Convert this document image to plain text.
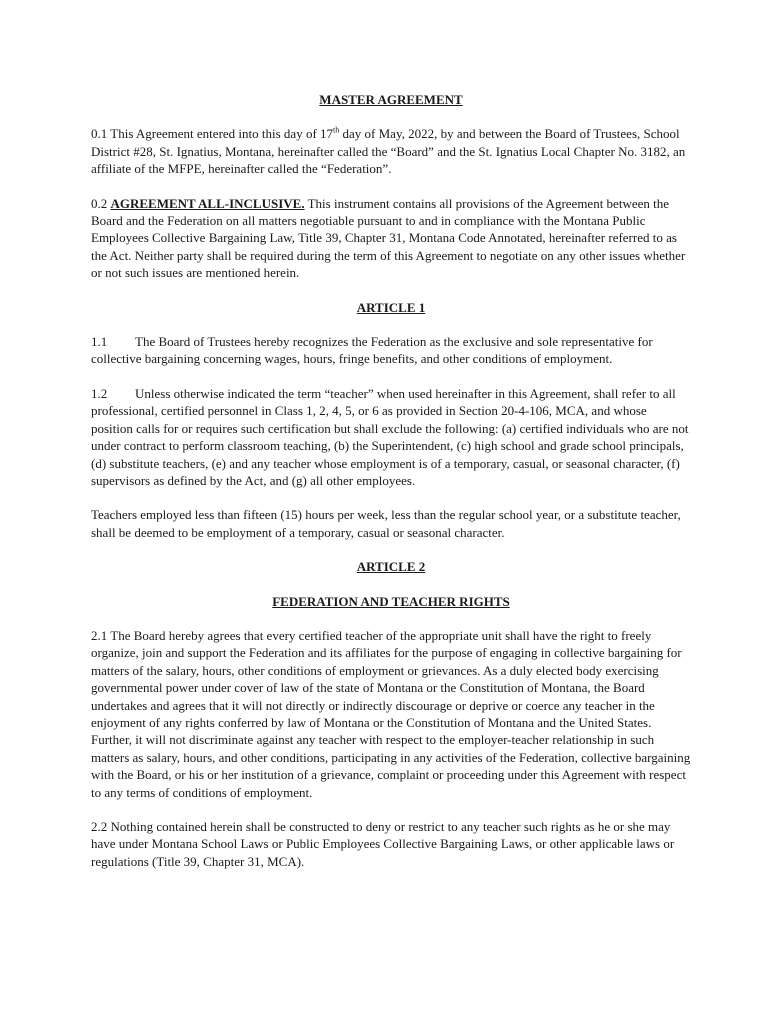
MASTER AGREEMENT

0.1 This Agreement entered into this day of 17th day of May, 2022, by and between the Board of Trustees, School District #28, St. Ignatius, Montana, hereinafter called the “Board” and the St. Ignatius Local Chapter No. 3182, an affiliate of the MFPE, hereinafter called the “Federation”.

0.2 AGREEMENT ALL-INCLUSIVE. This instrument contains all provisions of the Agreement between the Board and the Federation on all matters negotiable pursuant to and in compliance with the Montana Public Employees Collective Bargaining Law, Title 39, Chapter 31, Montana Code Annotated, hereinafter referred to as the Act. Neither party shall be required during the term of this Agreement to negotiate on any other issues whether or not such issues are mentioned herein.

ARTICLE 1

1.1 The Board of Trustees hereby recognizes the Federation as the exclusive and sole representative for collective bargaining concerning wages, hours, fringe benefits, and other conditions of employment.

1.2 Unless otherwise indicated the term “teacher” when used hereinafter in this Agreement, shall refer to all professional, certified personnel in Class 1, 2, 4, 5, or 6 as provided in Section 20-4-106, MCA, and whose position calls for or requires such certification but shall exclude the following: (a) certified individuals who are not under contract to perform classroom teaching, (b) the Superintendent, (c) high school and grade school principals, (d) substitute teachers, (e) and any teacher whose employment is of a temporary, casual, or seasonal character, (f) supervisors as defined by the Act, and (g) all other employees.

Teachers employed less than fifteen (15) hours per week, less than the regular school year, or a substitute teacher, shall be deemed to be employment of a temporary, casual or seasonal character.

ARTICLE 2

FEDERATION AND TEACHER RIGHTS

2.1 The Board hereby agrees that every certified teacher of the appropriate unit shall have the right to freely organize, join and support the Federation and its affiliates for the purpose of engaging in collective bargaining for matters of the salary, hours, other conditions of employment or grievances. As a duly elected body exercising governmental power under cover of law of the state of Montana or the Constitution of Montana, the Board undertakes and agrees that it will not directly or indirectly discourage or deprive or coerce any teacher in the enjoyment of any rights conferred by law of Montana or the Constitution of Montana and the United States. Further, it will not discriminate against any teacher with respect to the employer-teacher relationship in such matters as salary, hours, and other conditions, participating in any activities of the Federation, collective bargaining with the Board, or his or her institution of a grievance, complaint or proceeding under this Agreement with respect to any terms of conditions of employment.

2.2 Nothing contained herein shall be constructed to deny or restrict to any teacher such rights as he or she may have under Montana School Laws or Public Employees Collective Bargaining Laws, or other applicable laws or regulations (Title 39, Chapter 31, MCA).
